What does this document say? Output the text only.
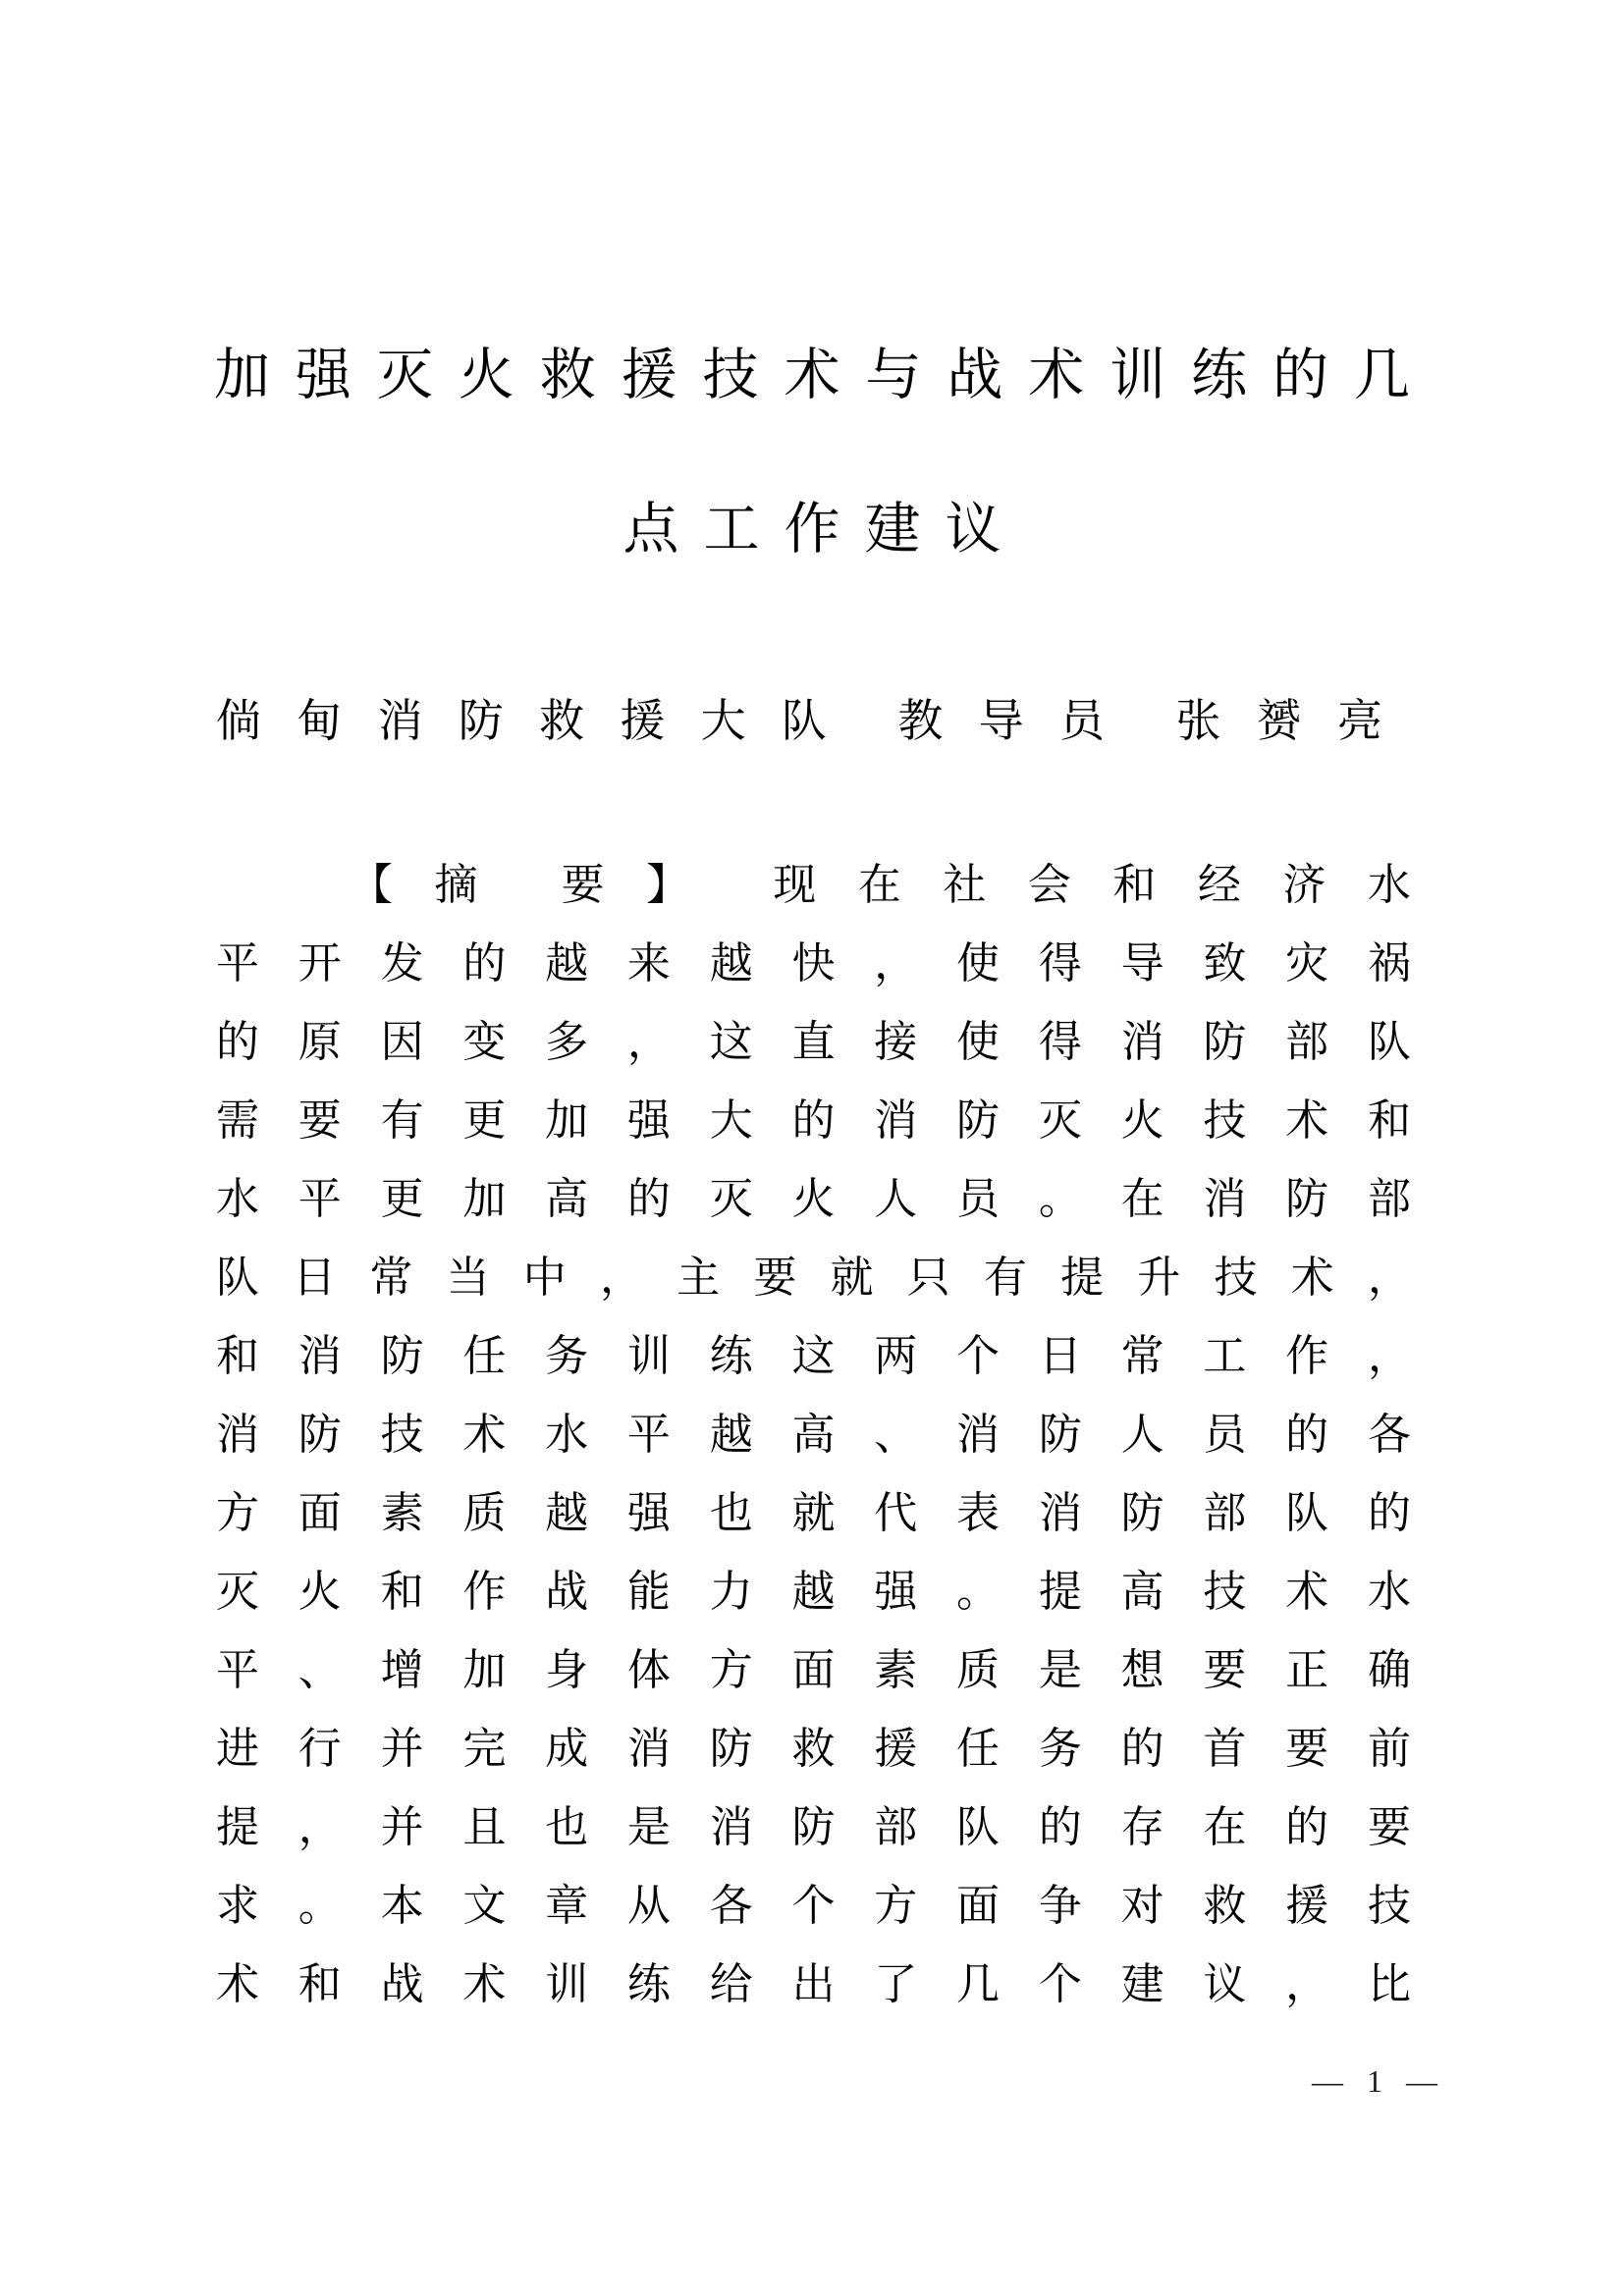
加 强 灭 火 救 援 技 术 与 战 术 训 练 的 几
点工作建议
倘 甸 消 防 救 援 大 队 教 导 员 张 赟 亮
【 摘 要 】 现 在 社 会 和 经 济 水
平 开 发 的 越 来 越 快 ， 使 得 导 致 灾 祸
的 原 因 变 多 ， 这 直 接 使 得 消 防 部 队
需 要 有 更 加 强 大 的 消 防 灭 火 技 术 和
水 平 更 加 高 的 灭 火 人 员 。 在 消 防 部
队 日 常 当 中 ， 主 要 就 只 有 提 升 技 术 ，
和 消 防 任 务 训 练 这 两 个 日 常 工 作 ，
消 防 技 术 水 平 越 高 、 消 防 人 员 的 各
方 面 素 质 越 强 也 就 代 表 消 防 部 队 的
灭 火 和 作 战 能 力 越 强 。 提 高 技 术 水
平 、 增 加 身 体 方 面 素 质 是 想 要 正 确
进 行 并 完 成 消 防 救 援 任 务 的 首 要 前
提 ， 并 且 也 是 消 防 部 队 的 存 在 的 要
求 。 本 文 章 从 各 个 方 面 争 对 救 援 技
术 和 战 术 训 练 给 出 了 几 个 建 议 ， 比
— 1 —
